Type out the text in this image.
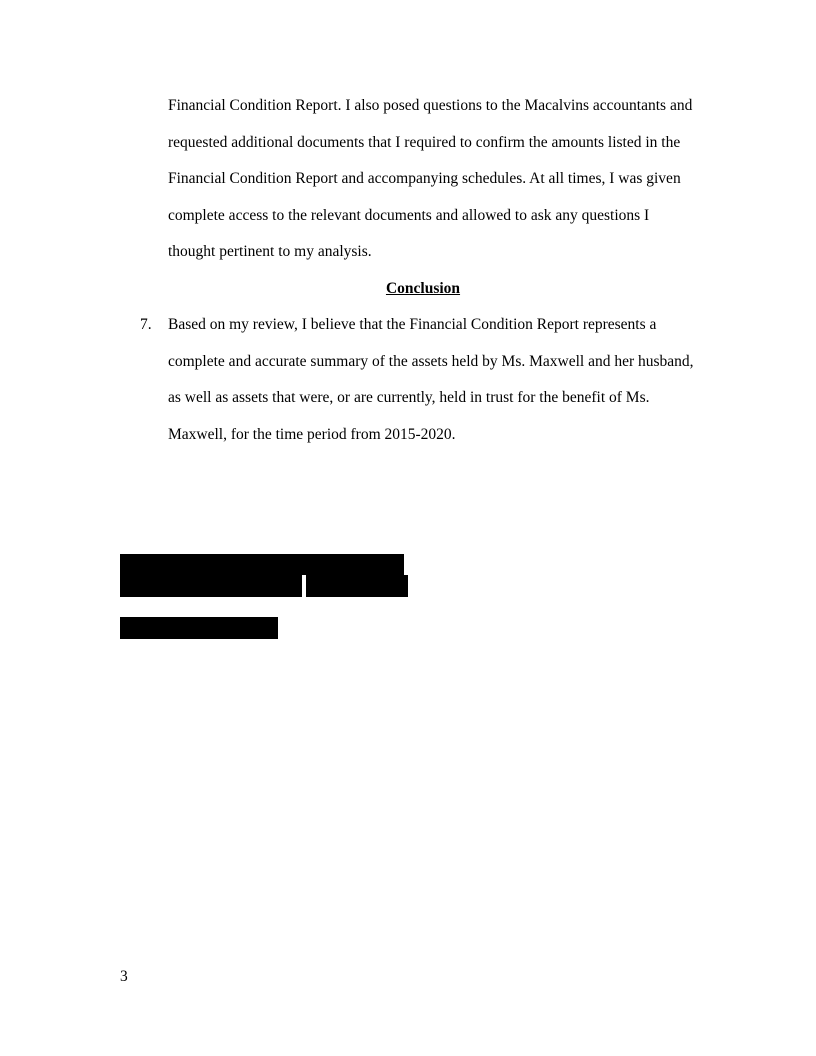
Financial Condition Report. I also posed questions to the Macalvins accountants and requested additional documents that I required to confirm the amounts listed in the Financial Condition Report and accompanying schedules. At all times, I was given complete access to the relevant documents and allowed to ask any questions I thought pertinent to my analysis.

Conclusion

7. Based on my review, I believe that the Financial Condition Report represents a complete and accurate summary of the assets held by Ms. Maxwell and her husband, as well as assets that were, or are currently, held in trust for the benefit of Ms. Maxwell, for the time period from 2015-2020.

3
